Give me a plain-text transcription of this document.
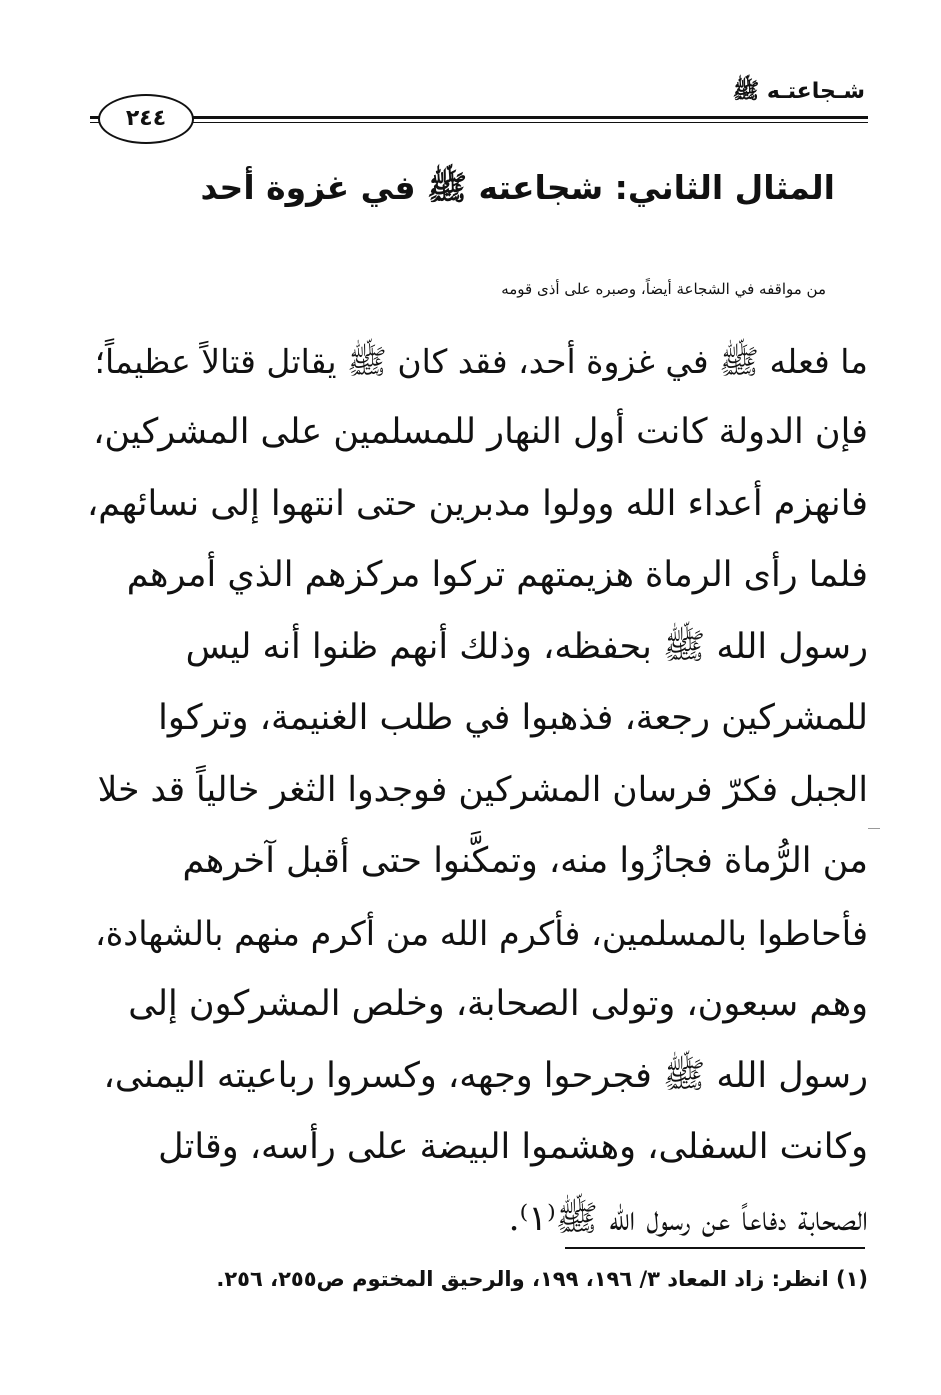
شـجاعتـه ﷺ
٢٤٤
المثال الثاني: شجاعته ﷺ في غزوة أحد
من مواقفه في الشجاعة أيضاً، وصبره على أذى قومه
ما فعله ﷺ في غزوة أحد، فقد كان ﷺ يقاتل قتالاً عظيماً؛
فإن الدولة كانت أول النهار للمسلمين على المشركين،
فانهزم أعداء الله وولوا مدبرين حتى انتهوا إلى نسائهم،
فلما رأى الرماة هزيمتهم تركوا مركزهم الذي أمرهم
رسول الله ﷺ بحفظه، وذلك أنهم ظنوا أنه ليس
للمشركين رجعة، فذهبوا في طلب الغنيمة، وتركوا
الجبل فكرّ فرسان المشركين فوجدوا الثغر خالياً قد خلا
من الرُّماة فجازُوا منه، وتمكَّنوا حتى أقبل آخرهم
فأحاطوا بالمسلمين، فأكرم الله من أكرم منهم بالشهادة،
وهم سبعون، وتولى الصحابة، وخلص المشركون إلى
رسول الله ﷺ فجرحوا وجهه، وكسروا رباعيته اليمنى،
وكانت السفلى، وهشموا البيضة على رأسه، وقاتل
الصحابة دفاعاً عن رسول الله ﷺ⁽١⁾.
(١) انظر: زاد المعاد ٣/ ١٩٦، ١٩٩، والرحيق المختوم ص٢٥٥، ٢٥٦.
